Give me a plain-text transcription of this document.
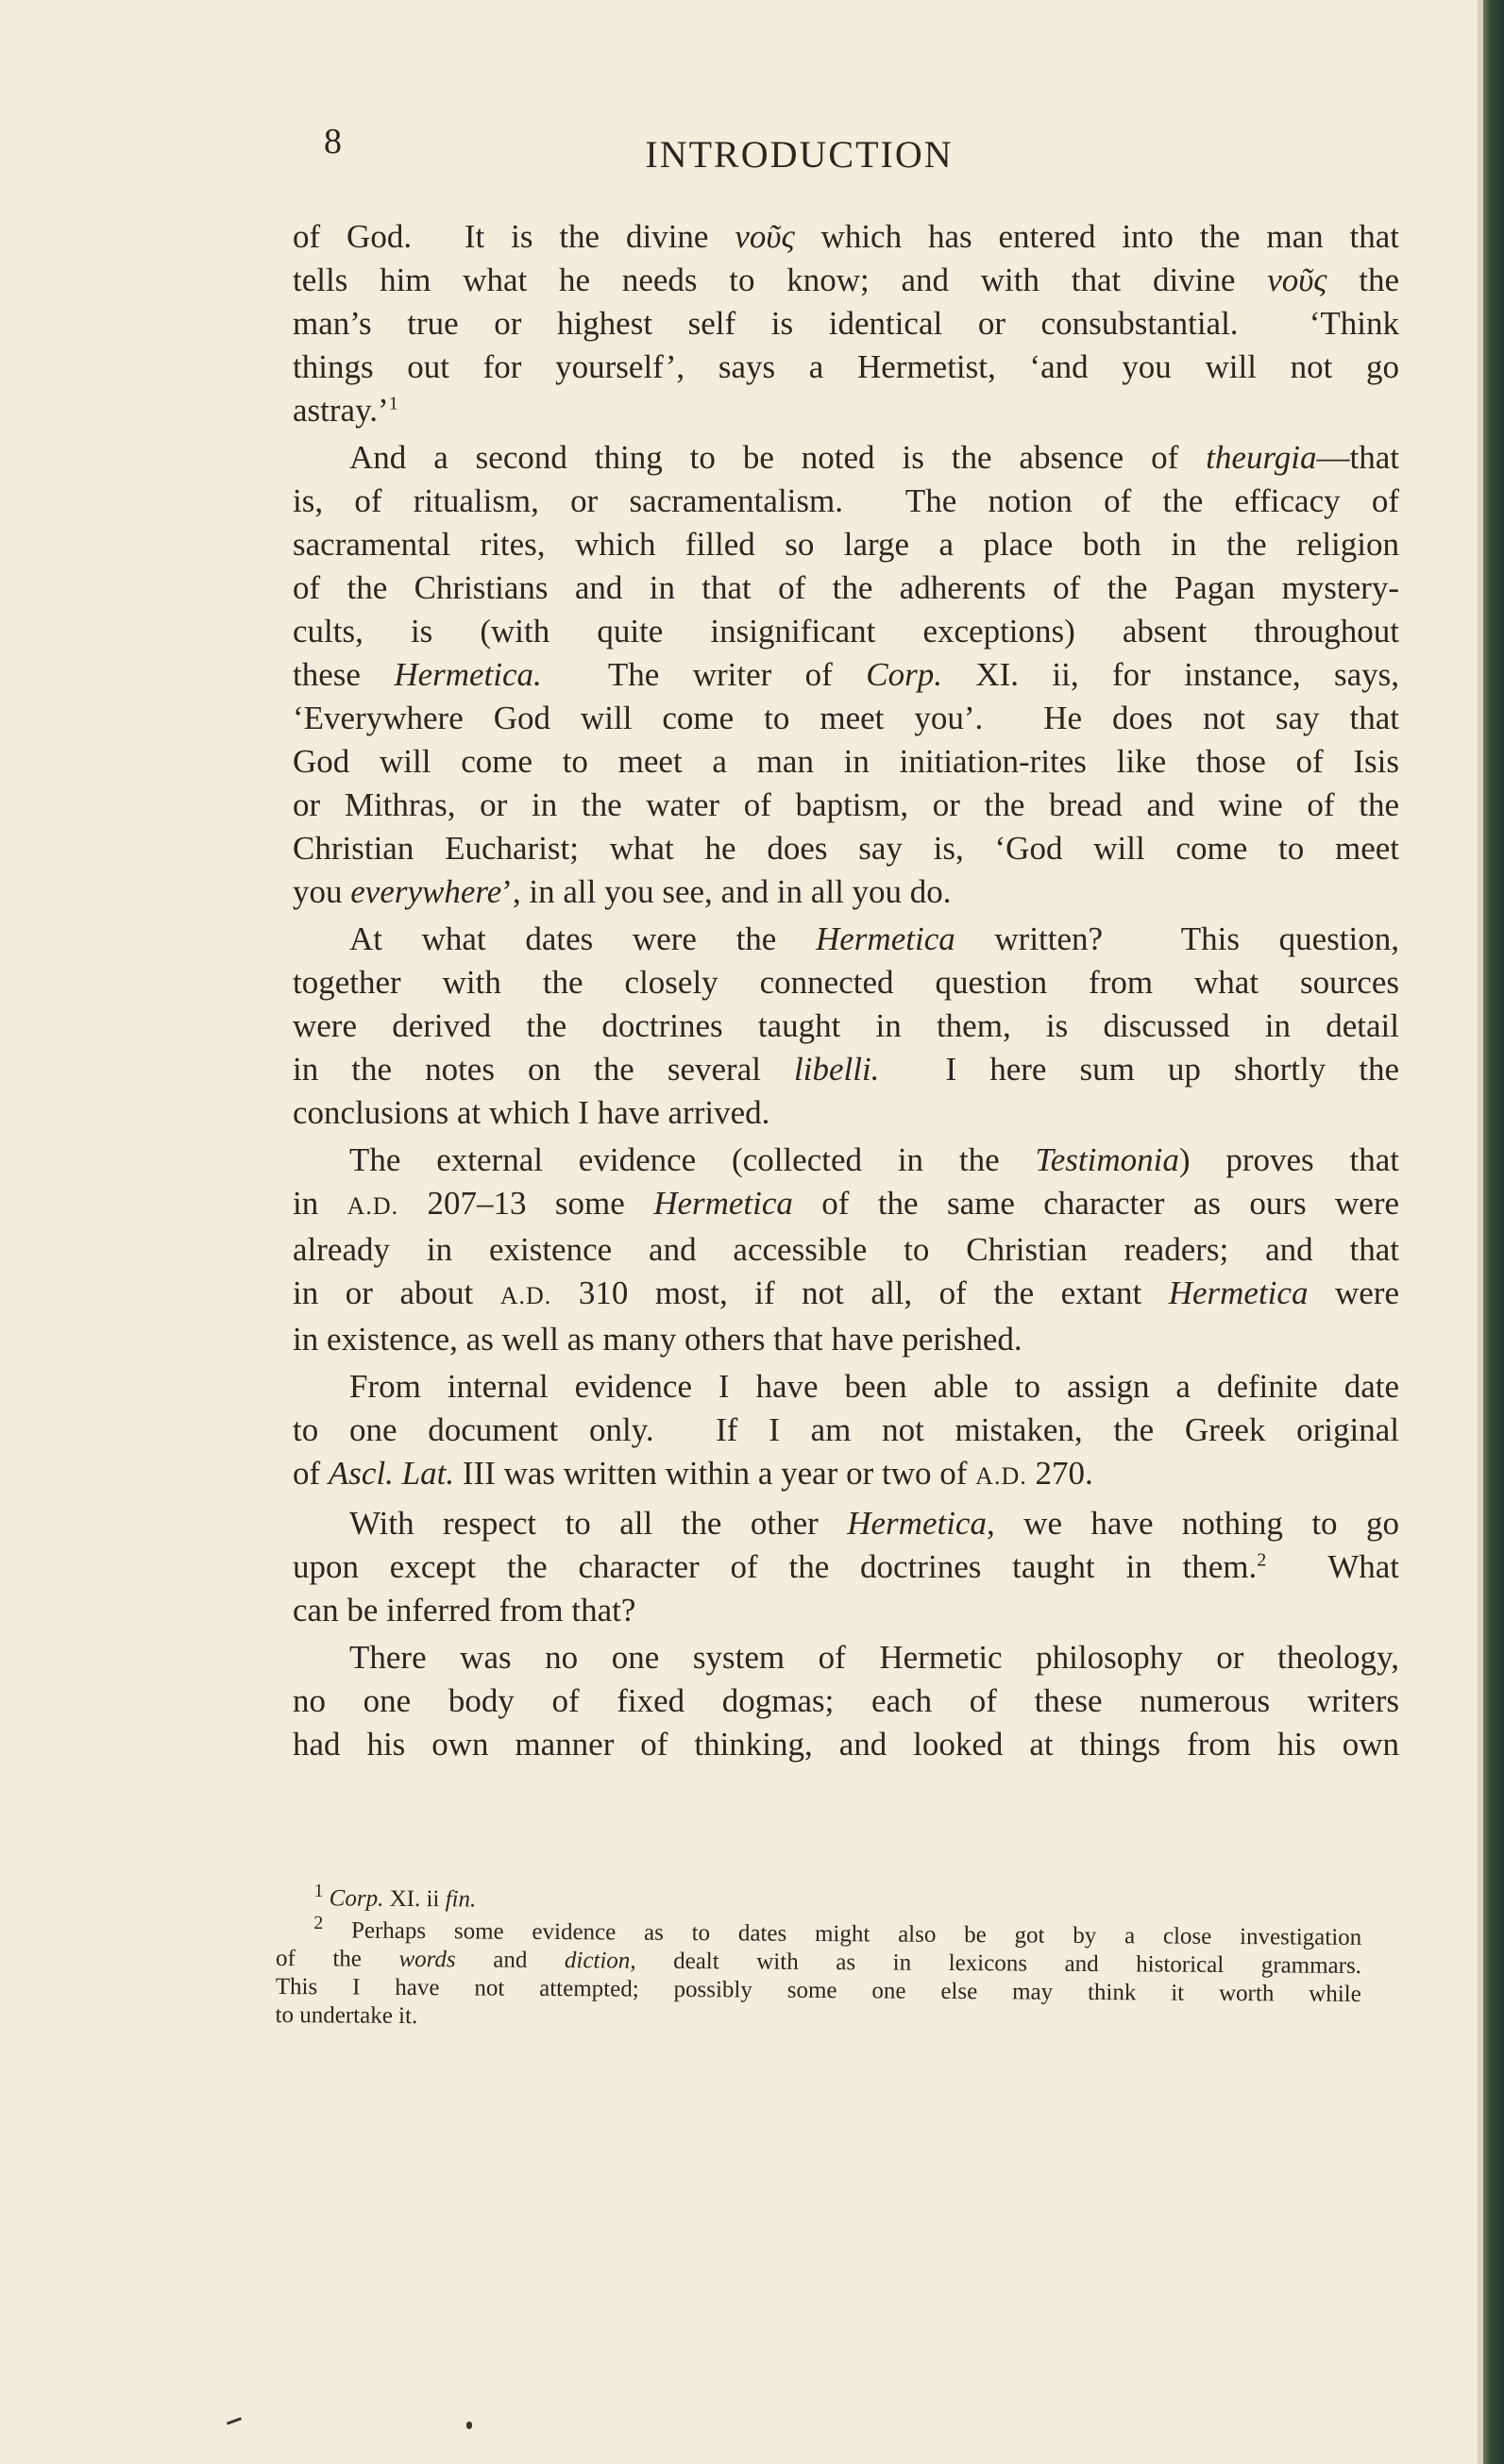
8	INTRODUCTION
of God.  It is the divine νοῦς which has entered into the man that
tells him what he needs to know; and with that divine νοῦς the
man’s true or highest self is identical or consubstantial.  ‘Think
things out for yourself’, says a Hermetist, ‘and you will not go
astray.’$^1$
And a second thing to be noted is the absence of theurgia—that
is, of ritualism, or sacramentalism.  The notion of the efficacy of
sacramental rites, which filled so large a place both in the religion
of the Christians and in that of the adherents of the Pagan mystery-
cults, is (with quite insignificant exceptions) absent throughout
these Hermetica.  The writer of Corp. XI. ii, for instance, says,
‘Everywhere God will come to meet you’.  He does not say that
God will come to meet a man in initiation-rites like those of Isis
or Mithras, or in the water of baptism, or the bread and wine of the
Christian Eucharist; what he does say is, ‘God will come to meet
you everywhere’, in all you see, and in all you do.
At what dates were the Hermetica written?  This question,
together with the closely connected question from what sources
were derived the doctrines taught in them, is discussed in detail
in the notes on the several libelli.  I here sum up shortly the
conclusions at which I have arrived.
The external evidence (collected in the Testimonia) proves that
in A.D. 207–13 some Hermetica of the same character as ours were
already in existence and accessible to Christian readers; and that
in or about A.D. 310 most, if not all, of the extant Hermetica were
in existence, as well as many others that have perished.
From internal evidence I have been able to assign a definite date
to one document only.  If I am not mistaken, the Greek original
of Ascl. Lat. III was written within a year or two of A.D. 270.
With respect to all the other Hermetica, we have nothing to go
upon except the character of the doctrines taught in them.$^2$  What
can be inferred from that?
There was no one system of Hermetic philosophy or theology,
no one body of fixed dogmas; each of these numerous writers
had his own manner of thinking, and looked at things from his own
$^1$ Corp. XI. ii fin.
$^2$ Perhaps some evidence as to dates might also be got by a close investigation
of the words and diction, dealt with as in lexicons and historical grammars.
This I have not attempted; possibly some one else may think it worth while
to undertake it.
